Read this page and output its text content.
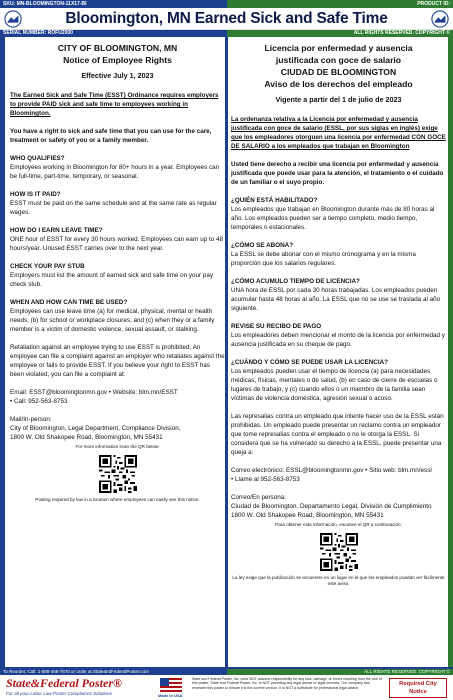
SKU: MN-BLOOMINGTON-11X17-BI	PRODUCT ID:
Bloomington, MN Earned Sick and Safe Time
SERIAL NUMBER: ROFU2000	ALL RIGHTS RESERVED. COPYRIGHT ©
CITY OF BLOOMINGTON, MN
Notice of Employee Rights
Effective July 1, 2023
The Earned Sick and Safe Time (ESST) Ordinance requires employers to provide PAID sick and safe time to employees working in Bloomington.
You have a right to sick and safe time that you can use for the care, treatment or safety of you or a family member.
WHO QUALIFIES?
Employees working in Bloomington for 80+ hours in a year. Employees can be full-time, part-time, temporary, or seasonal.
HOW IS IT PAID?
ESST must be paid on the same schedule and at the same rate as regular wages.
HOW DO I EARN LEAVE TIME?
ONE hour of ESST for every 30 hours worked. Employees can earn up to 48 hours/year. Unused ESST carries over to the next year.
CHECK YOUR PAY STUB
Employers must list the amount of earned sick and safe time on your pay check stub.
WHEN AND HOW CAN TIME BE USED?
Employees can use leave time (a) for medical, physical, mental or health needs, (b) for school or workplace closures, and (c) when they or a family member is a victim of domestic violence, sexual assault, or stalking.
Retaliation against an employee trying to use ESST is prohibited. An employee can file a complaint against an employer who retaliates against the employee or fails to provide ESST. If you believe your right to ESST has been violated, you can file a complaint at:
Email: ESST@bloomingtonmn.gov • Website: blm.mn/ESST
• Call: 952-563-8753
Mail/In-person:
City of Bloomington, Legal Department, Compliance Division,
1800 W. Old Shakopee Road, Bloomington, MN 55431
For more information scan the QR below:
Posting required by law in a location where employees can easily see this notice.
Licencia por enfermedad y ausencia
justificada con goce de salario
CIUDAD DE BLOOMINGTON
Aviso de los derechos del empleado
Vigente a partir del 1 de julio de 2023
La ordenanza relativa a la Licencia por enfermedad y ausencia justificada con goce de salario (ESSL, por sus siglas en inglés) exige que los empleadores otorguen una licencia por enfermedad CON GOCE DE SALARIO a los empleados que trabajan en Bloomington
Usted tiene derecho a recibir una licencia por enfermedad y ausencia justificada que puede usar para la atención, el tratamiento o el cuidado de un familiar o el suyo propio.
¿QUIÉN ESTÁ HABILITADO?
Los empleados que trabajan en Bloomington durante más de 80 horas al año. Los empleados pueden ser a tiempo completo, medio tiempo, temporales o estacionales.
¿CÓMO SE ABONA?
La ESSL se debe abonar con el mismo cronograma y en la misma proporción que los salarios regulares.
¿CÓMO ACUMULO TIEMPO DE LICENCIA?
UNA hora de ESSL por cada 30 horas trabajadas. Los empleados pueden acumular hasta 48 horas al año. La ESSL que no se use se traslada al año siguiente.
REVISE SU RECIBO DE PAGO
Los empleadores deben mencionar el monto de la licencia por enfermedad y ausencia justificada en su cheque de pago.
¿CUÁNDO Y CÓMO SE PUEDE USAR LA LICENCIA?
Los empleados pueden usar el tiempo de licencia (a) para necesidades médicas, físicas, mentales o de salud, (b) en caso de cierre de escuelas o lugares de trabajo, y (c) cuando ellos o un miembro de la familia sean víctimas de violencia doméstica, agresión sexual o acoso.
Las represalias contra un empleado que intente hacer uso de la ESSL están prohibidas. Un empleado puede presentar un reclamo contra un empleador que tome represalias contra el empleado o no le otorga la ESSL. Si considera que se ha vulnerado su derecho a la ESSL, puede presentar una queja a:
Correo electrónico: ESSL@bloomingtonmn.gov • Sitio web: blm.mn/essl
• Llame al 952-563-8753
Correo/En persona:
Ciudad de Bloomington, Departamento Legal, División de Cumplimiento
1800 W. Old Shakopee Road, Bloomington, MN 55431
Para obtener más información, escanee el QR a continuación:
La ley exige que la publicación se encuentre en un lugar en el que los empleados puedan ver fácilmente este aviso.
To Reorder, Call: 1-888-488-7670 or order at StateandFederalPoster.com	ALL RIGHTS RESERVED. COPYRIGHT ©
State&Federal Poster®
For all your Labor Law Poster Compliance Solutions	Made In USA
State and Federal Poster, Inc. does NOT assume responsibility for any loss, damage, or errors resulting from the use of this poster. State and Federal Poster, Inc. is NOT providing any legal advice or legal services. Our company has reviewed this poster to ensure it is the current version. It is NOT a substitute for professional legal advice.
Required City Notice
